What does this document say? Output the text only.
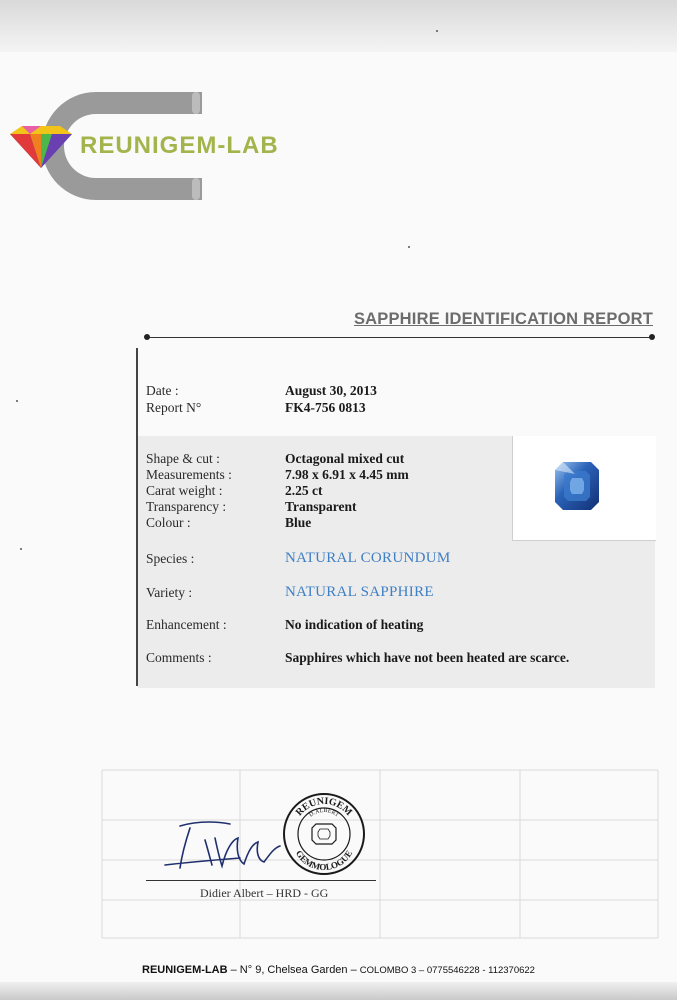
REUNIGEM-LAB
SAPPHIRE IDENTIFICATION REPORT
Date :	August 30, 2013
Report N°	FK4-756 0813
Shape & cut :	Octagonal mixed cut
Measurements :	7.98 x 6.91 x 4.45 mm
Carat weight :	2.25 ct
Transparency :	Transparent
Colour :	Blue
Species :	NATURAL CORUNDUM
Variety :	NATURAL SAPPHIRE
Enhancement :	No indication of heating
Comments :	Sapphires which have not been heated are scarce.
REUNIGEM
D.ALBERT
GEMMOLOGUE
Didier Albert – HRD - GG
REUNIGEM-LAB – N° 9, Chelsea Garden – COLOMBO 3 – 0775546228 - 112370622
